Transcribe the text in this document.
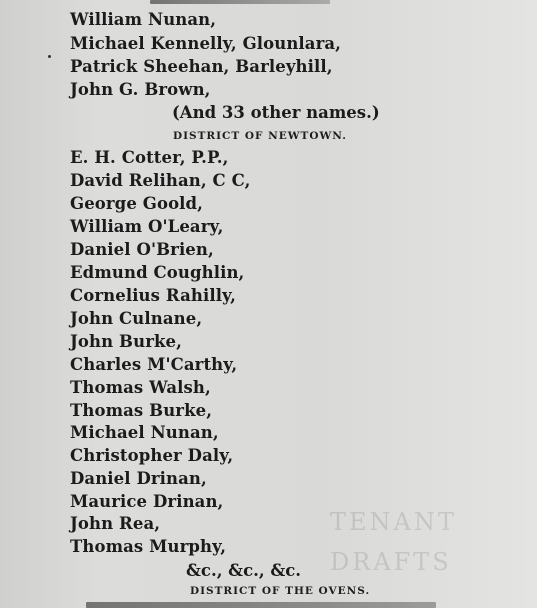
TENANT
DRAFTS
William Nunan,
Michael Kennelly, Glounlara,
Patrick Sheehan, Barleyhill,
John G. Brown,
(And 33 other names.)
DISTRICT OF NEWTOWN.
E. H. Cotter, P.P.,
David Relihan, C C,
George Goold,
William O'Leary,
Daniel O'Brien,
Edmund Coughlin,
Cornelius Rahilly,
John Culnane,
John Burke,
Charles M'Carthy,
Thomas Walsh,
Thomas Burke,
Michael Nunan,
Christopher Daly,
Daniel Drinan,
Maurice Drinan,
John Rea,
Thomas Murphy,
&c., &c., &c.
DISTRICT OF THE OVENS.
